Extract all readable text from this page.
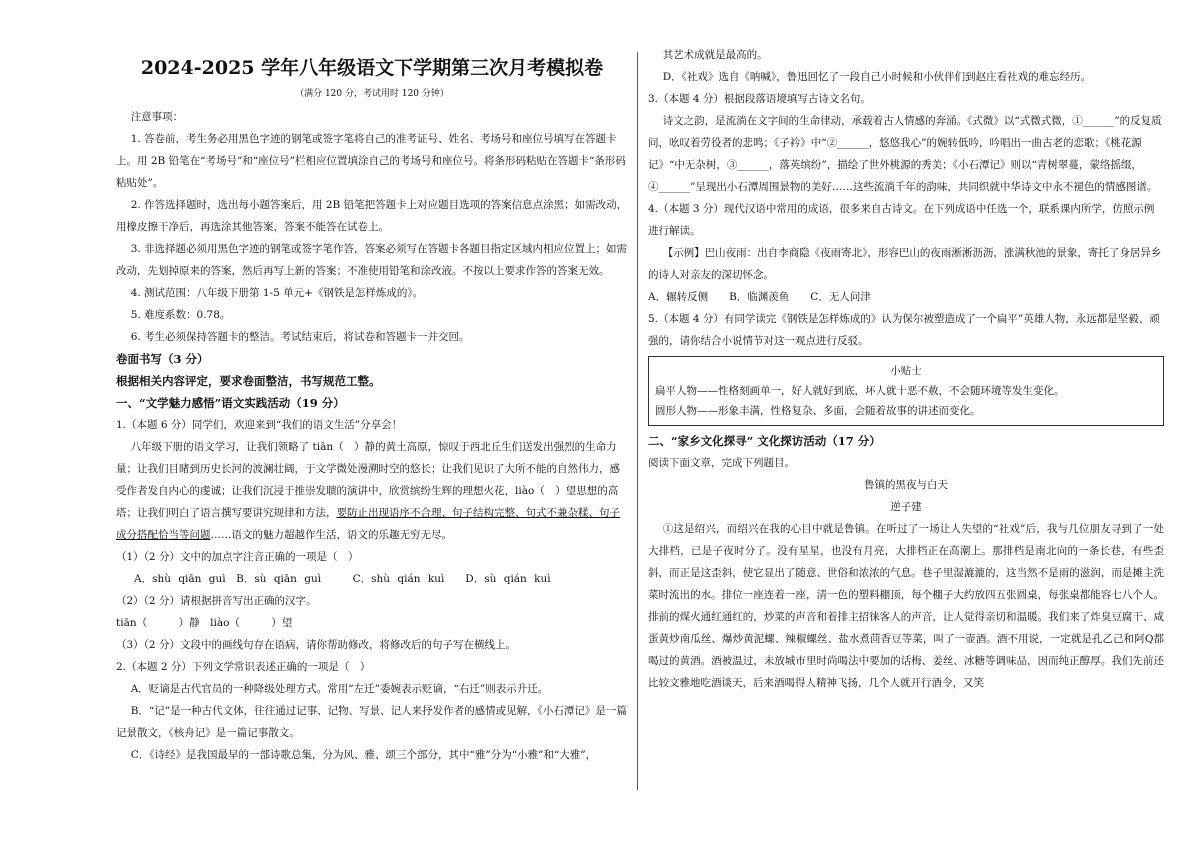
2024-2025 学年八年级语文下学期第三次月考模拟卷

（满分 120 分，考试用时 120 分钟）

注意事项：

1. 答卷前，考生务必用黑色字迹的钢笔或签字笔将自己的准考证号、姓名、考场号和座位号填写在答题卡上。用 2B 铅笔在“考场号”和“座位号”栏相应位置填涂自己的考场号和座位号。将条形码粘贴在答题卡“条形码粘贴处”。

2. 作答选择题时，选出每小题答案后，用 2B 铅笔把答题卡上对应题目选项的答案信息点涂黑；如需改动，用橡皮擦干净后，再选涂其他答案，答案不能答在试卷上。

3. 非选择题必须用黑色字迹的钢笔或签字笔作答，答案必须写在答题卡各题目指定区域内相应位置上；如需改动，先划掉原来的答案，然后再写上新的答案；不准使用铅笔和涂改液。不按以上要求作答的答案无效。

4. 测试范围：八年级下册第 1-5 单元+《钢铁是怎样炼成的》。

5. 难度系数：0.78。

6. 考生必须保持答题卡的整洁。考试结束后，将试卷和答题卡一并交回。

卷面书写（3 分）

根据相关内容评定，要求卷面整洁，书写规范工整。

一、“文学魅力感悟”语文实践活动（19 分）

1.（本题 6 分）同学们，欢迎来到“我们的语文生活”分享会！

八年级下册的语文学习，让我们领略了 tiān（　）静的黄土高原，惊叹于西北丘生们送发出强烈的生命力量；让我们目睹到历史长河的波澜壮阔，于文学微处漫溯时空的悠长；让我们见识了大所不能的自然伟力，感受作者发自内心的虔诚；让我们沉浸于推崇发聩的演讲中，欣赏缤纷生辉的理想火花，liào（　）望思想的高塔；让我们明白了语言撰写要讲究规律和方法，要防止出现语序不合理、句子结构完整、句式不兼杂糅、句子成分搭配恰当等问题……语文的魅力超越作生活，语文的乐趣无穷无尽。

（1）（2 分）文中的加点字注音正确的一项是（　）

A．shù qiān guì　B．sù qiān guì　　　C．shù qián kuì　　D．sù qián kuì

（2）（2 分）请根据拼音写出正确的汉字。

tiān（　　　）静　liào（　　　）望

（3）（2 分）文段中的画线句存在语病，请你帮助修改，将修改后的句子写在横线上。

2.（本题 2 分）下列文学常识表述正确的一项是（　）

A．贬谪是古代官员的一种降级处理方式。常用“左迁”委婉表示贬谪，“右迁”则表示升迁。

B．“记”是一种古代文体，往往通过记事、记物、写景、记人来抒发作者的感情或见解，《小石潭记》是一篇记景散文，《核舟记》是一篇记事散文。

C．《诗经》是我国最早的一部诗歌总集，分为风、雅、颂三个部分，其中“雅”分为“小雅”和“大雅”，

其艺术成就是最高的。

D．《社戏》选自《呐喊》，鲁迅回忆了一段自己小时候和小伙伴们到赵庄看社戏的难忘经历。

3.（本题 4 分）根据段落语境填写古诗文名句。

诗文之韵，是流淌在文字间的生命律动，承载着古人情感的奔涌。《式微》以“式微式微，①______”的反复质问，吆叹着劳役者的悲鸣；《子衿》中“②______，悠悠我心”的婉转低吟，吟唱出一曲古老的恋歌；《桃花源记》“中无杂树，③______，落英缤纷”，描绘了世外桃源的秀美；《小石潭记》则以“青树翠蔓，蒙络摇缀，④______”呈现出小石潭周围景物的美好……这些流淌千年的韵味，共同织就中华诗文中永不褪色的情感图谱。

4.（本题 3 分）现代汉语中常用的成语，很多来自古诗文。在下列成语中任选一个，联系课内所学，仿照示例进行解读。

【示例】巴山夜雨：出自李商隐《夜雨寄北》，形容巴山的夜雨淅淅沥沥，涨满秋池的景象，寄托了身居异乡的诗人对亲友的深切怀念。

A．辗转反侧　　B．临渊羡鱼　　C．无人问津

5.（本题 4 分）有同学读完《钢铁是怎样炼成的》认为保尔被塑造成了一个扁平”英雄人物，永远都是坚毅、顽强的，请你结合小说情节对这一观点进行反驳。

小贴士

扁平人物——性格刻画单一，好人就好到底，坏人就十恶不赦，不会随环境等发生变化。

圆形人物——形象丰满，性格复杂、多面，会随着故事的讲述而变化。

二、“家乡文化探寻” 文化探访活动（17 分）

阅读下面文章，完成下列题目。

鲁镇的黑夜与白天

逆子建

①这是绍兴，而绍兴在我的心目中就是鲁镇。在听过了一场让人失望的“社戏”后，我与几位朋友寻到了一处大排档，已是子夜时分了。没有星星，也没有月亮，大排档正在高潮上。那排档是南北向的一条长巷，有些歪斜，而正是这歪斜，使它显出了随意、世俗和浓浓的气息。巷子里湿漉漉的，这当然不是雨的滋润，而是摊主洗菜时流出的水。排位一座连着一座，清一色的塑料棚顶，每个棚子大约放四五张圆桌，每张桌都能容七八个人。排前的煤火通红通红的，炒菜的声音和着排主招徕客人的声音，让人觉得亲切和温暖。我们来了炸臭豆腐干、咸蛋黄炒南瓜丝、爆炒黄泥螺、辣椒螺丝、盐水煮茴香豆等菜，叫了一壶酒。酒不用说，一定就是孔乙己和阿Q都喝过的黄酒。酒被温过，未放城市里时尚喝法中要加的话梅、姜丝、冰糖等调味品，因而纯正醇厚。我们先前还比较文雅地吃酒谈天，后来酒喝得人精神飞扬，几个人就开行酒令，又笑
